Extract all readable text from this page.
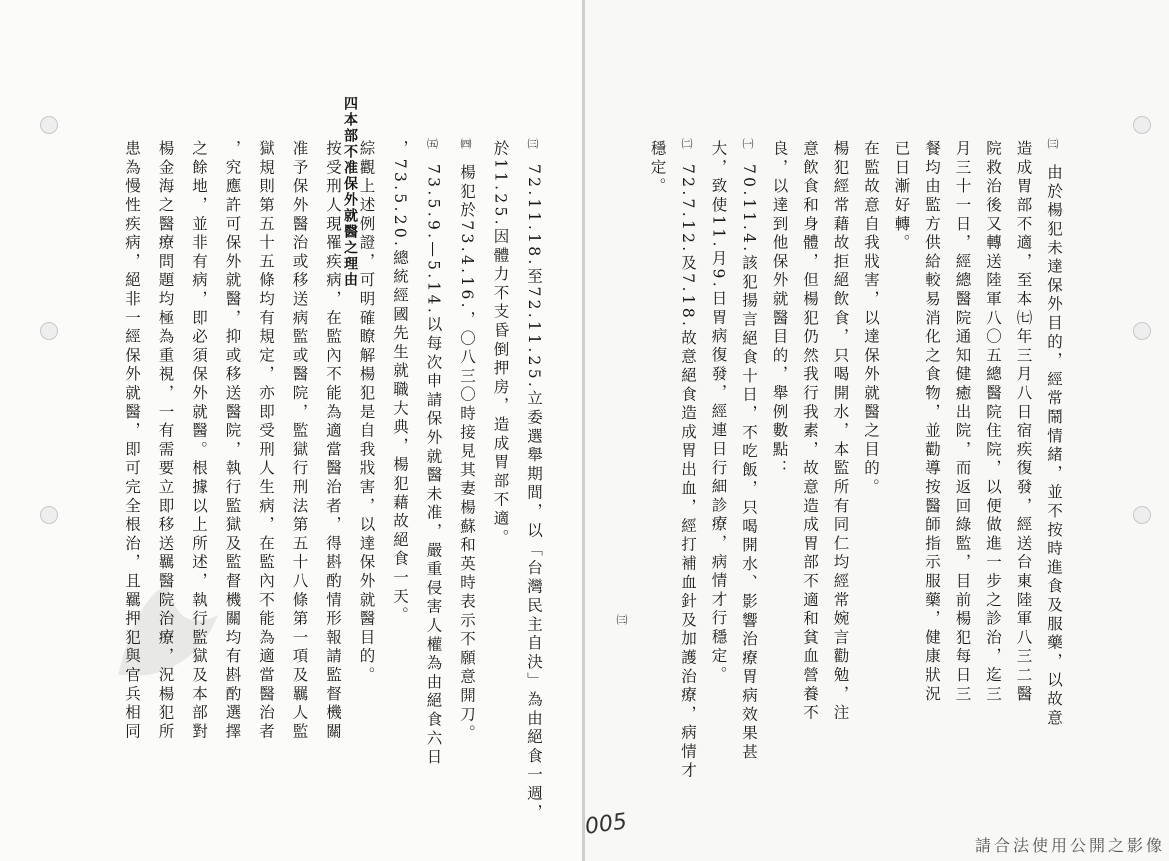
四本部不准保外就醫之理由	㈢
72.11.18.至72.11.25.立委選舉期間，以「台灣民主自決」為由絕食一週，
於11.25.因體力不支昏倒押房，造成胃部不適。
㈣
楊犯於73.4.16.，〇八三〇時接見其妻楊蘇和英時表示不願意開刀。
㈤
73.5.9.—5.14.以每次申請保外就醫未准，嚴重侵害人權為由絕食六日
，73.5.20.總統經國先生就職大典，楊犯藉故絕食一天。
綜觀上述例證，可明確瞭解楊犯是自我戕害，以達保外就醫目的。
按受刑人現罹疾病，在監內不能為適當醫治者，得斟酌情形報請監督機關
准予保外醫治或移送病監或醫院，監獄行刑法第五十八條第一項及羈人監
獄規則第五十五條均有規定，亦即受刑人生病，在監內不能為適當醫治者
，究應許可保外就醫，抑或移送醫院，執行監獄及監督機關均有斟酌選擇
之餘地，並非有病，即必須保外就醫。根據以上所述，執行監獄及本部對
楊金海之醫療問題均極為重視，一有需要立即移送羈醫院治療，況楊犯所
患為慢性疾病，絕非一經保外就醫，即可完全根治，且羈押犯與官兵相同	㈢
由於楊犯未達保外目的，經常鬧情緒，並不按時進食及服藥，以故意
造成胃部不適，至本㈦年三月八日宿疾復發，經送台東陸軍八三二醫
院救治後又轉送陸軍八〇五總醫院住院，以便做進一步之診治，迄三
月三十一日，經總醫院通知健癒出院，而返回綠監，目前楊犯每日三
餐均由監方供給較易消化之食物，並勸導按醫師指示服藥，健康狀況
已日漸好轉。
在監故意自我戕害，以達保外就醫之目的。
楊犯經常藉故拒絕飲食，只喝開水，本監所有同仁均經常婉言勸勉，注
意飲食和身體，但楊犯仍然我行我素，故意造成胃部不適和貧血營養不
良，以達到他保外就醫目的，舉例數點：
㈠
70.11.4.該犯揚言絕食十日，不吃飯，只喝開水、影響治療胃病效果甚
大，致使11.月9.日胃病復發，經連日行細診療，病情才行穩定。
㈡
72.7.12.及7.18.故意絕食造成胃出血，經打補血針及加護治療，病情才
穩定。
㈢
005
請合法使用公開之影像
